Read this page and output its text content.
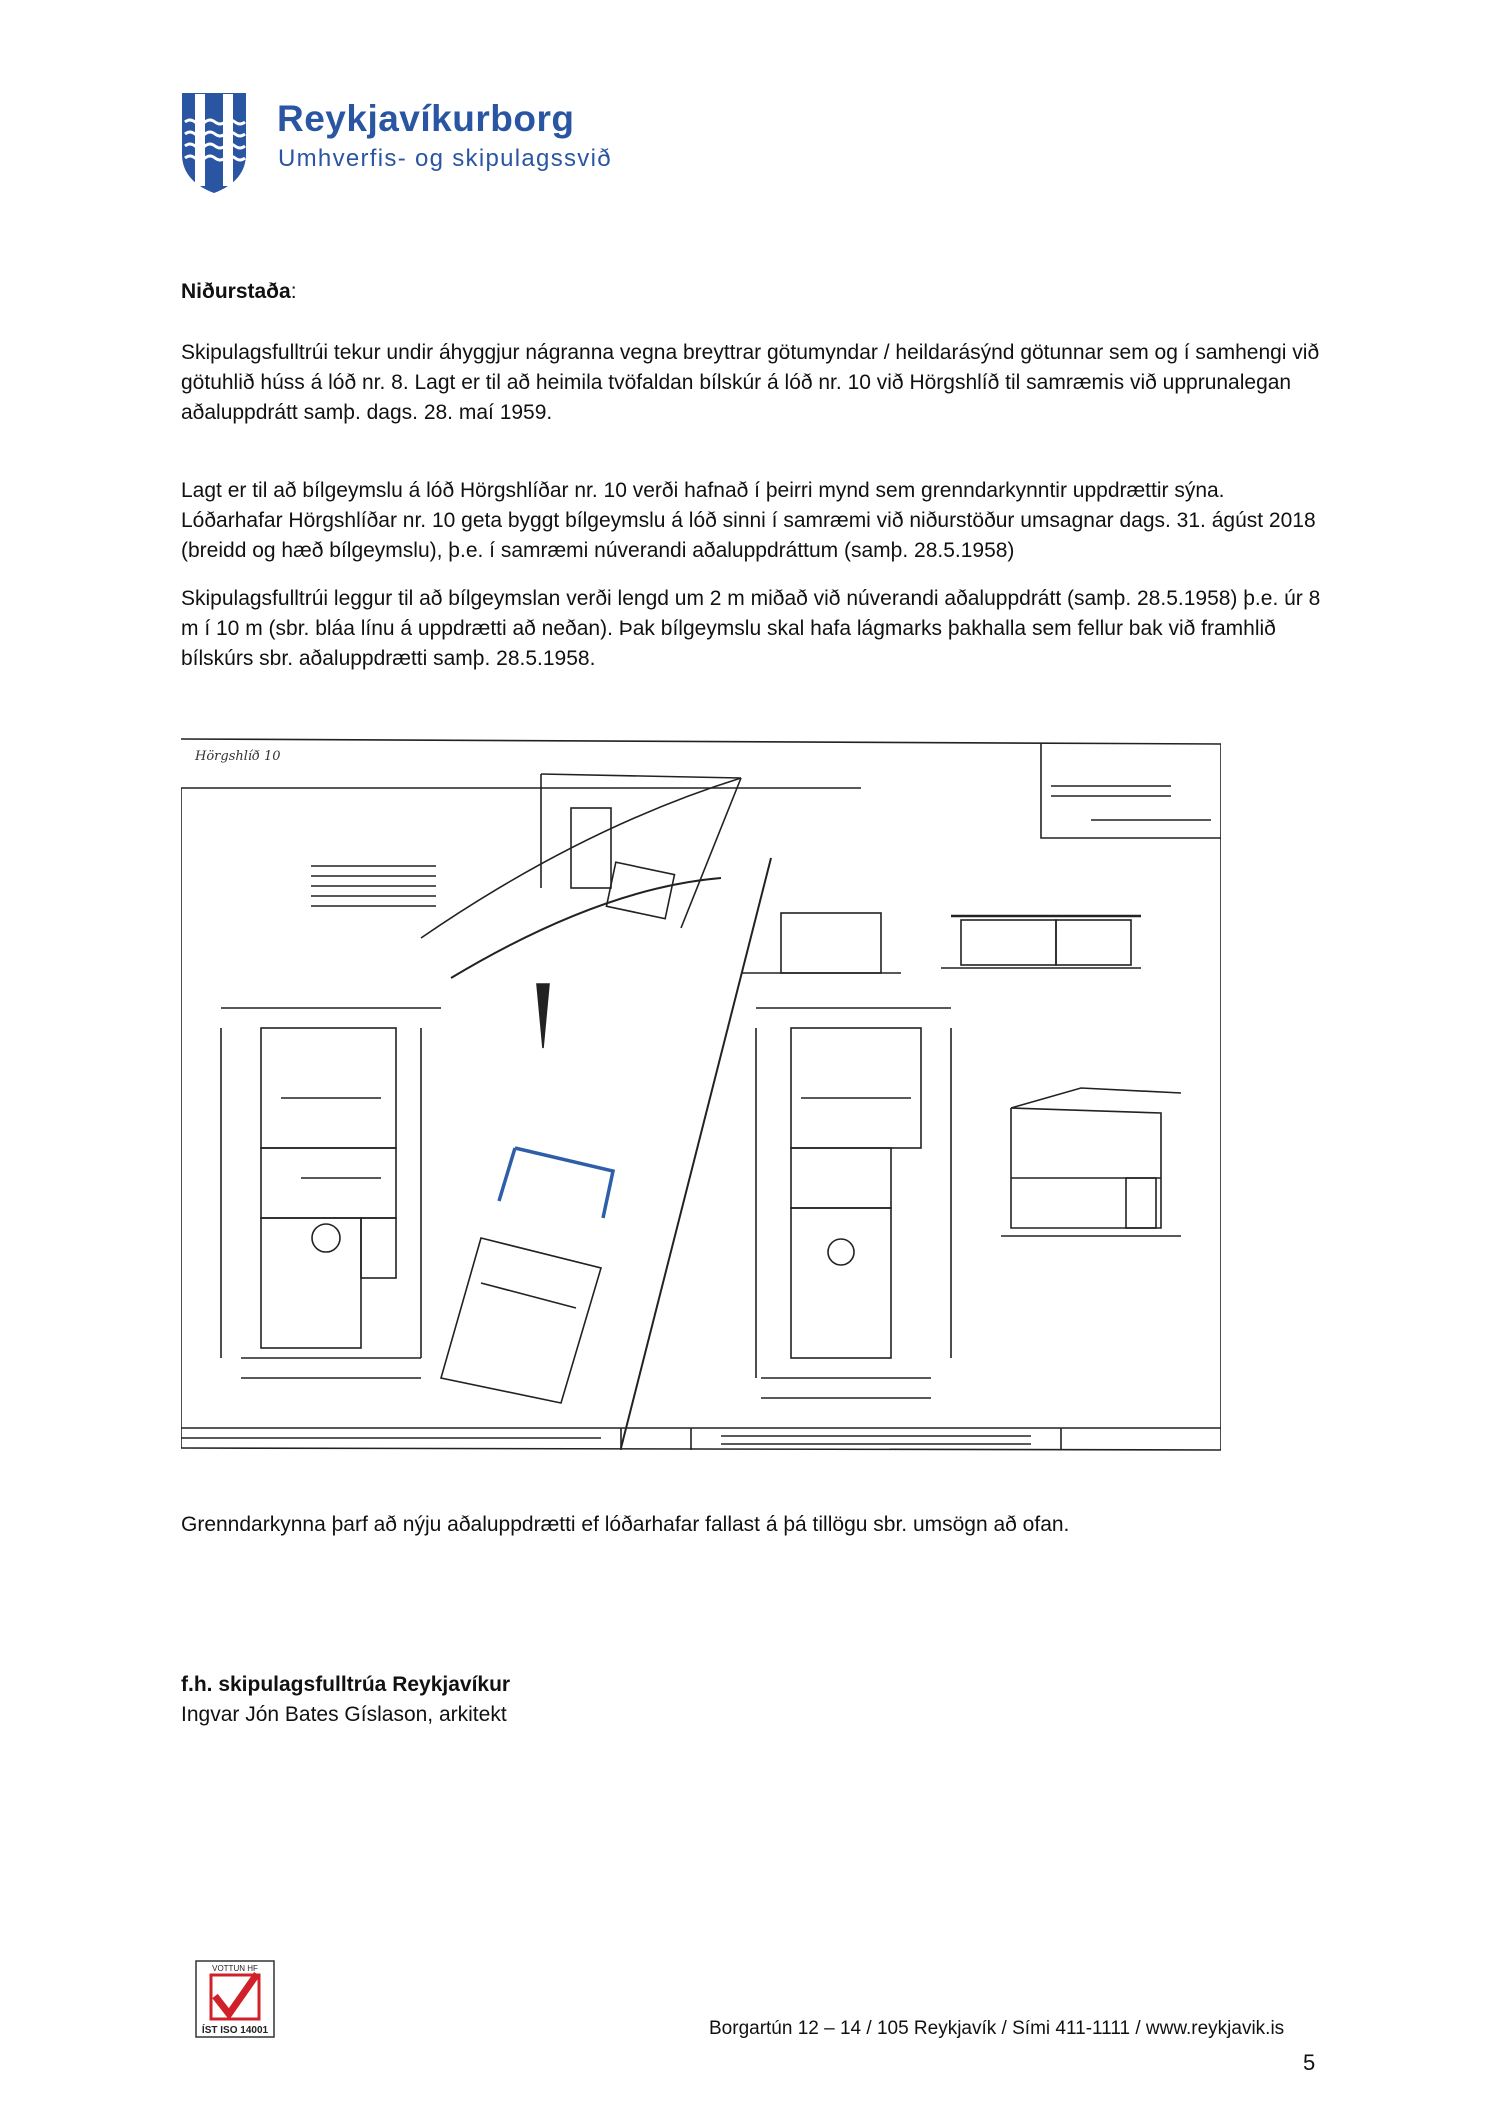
Reykjavíkurborg
Umhverfis- og skipulagssvið
Niðurstaða:

Skipulagsfulltrúi tekur undir áhyggjur nágranna vegna breyttrar götumyndar / heildarásýnd götunnar sem og í samhengi við götuhlið húss á lóð nr. 8. Lagt er til að heimila tvöfaldan bílskúr á lóð nr. 10 við Hörgshlíð til samræmis við upprunalegan aðaluppdrátt samþ. dags. 28. maí 1959.

Lagt er til að bílgeymslu á lóð Hörgshlíðar nr. 10 verði hafnað í þeirri mynd sem grenndarkynntir uppdrættir sýna. Lóðarhafar Hörgshlíðar nr. 10 geta byggt bílgeymslu á lóð sinni í samræmi við niðurstöður umsagnar dags. 31. ágúst 2018 (breidd og hæð bílgeymslu), þ.e. í samræmi núverandi aðaluppdráttum (samþ. 28.5.1958)

Skipulagsfulltrúi leggur til að bílgeymslan verði lengd um 2 m miðað við núverandi aðaluppdrátt (samþ. 28.5.1958) þ.e. úr 8 m í 10 m (sbr. bláa línu á uppdrætti að neðan). Þak bílgeymslu skal hafa lágmarks þakhalla sem fellur bak við framhlið bílskúrs sbr. aðaluppdrætti samþ. 28.5.1958.

Hörgshlíð 10

Grenndarkynna þarf að nýju aðaluppdrætti ef lóðarhafar fallast á þá tillögu sbr. umsögn að ofan.

f.h. skipulagsfulltrúa Reykjavíkur
Ingvar Jón Bates Gíslason, arkitekt
VOTTUN HF
ÍST ISO 14001	Borgartún 12 – 14 / 105 Reykjavík / Sími 411-1111 / www.reykjavik.is
5
